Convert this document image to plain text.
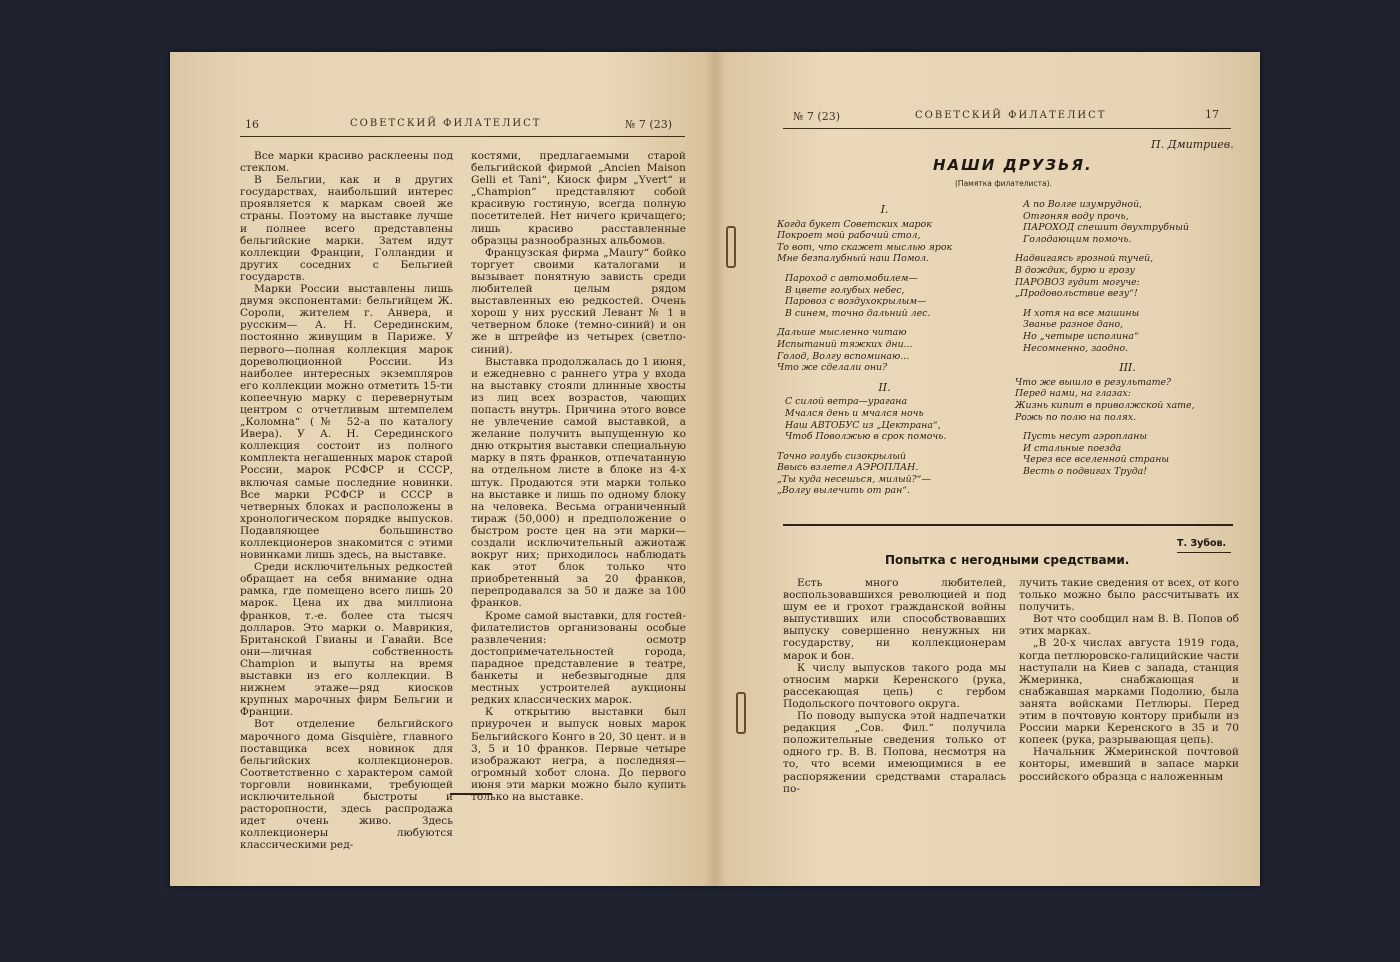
16	СОВЕТСКИЙ ФИЛАТЕЛИСТ	№ 7 (23)

Все марки красиво расклеены под стеклом.

В Бельгии, как и в других государствах, наибольший интерес проявляется к маркам своей же страны. Поэтому на выставке лучше и полнее всего представлены бельгийские марки. Затем идут коллекции Франции, Голландии и других соседних с Бельгией государств.

Марки России выставлены лишь двумя экспонентами: бельгийцем Ж. Сороли, жителем г. Анвера, и русским— А. Н. Серединским, постоянно живущим в Париже. У первого—полная коллекция марок дореволюционной России. Из наиболее интересных экземпляров его коллекции можно отметить 15-ти копеечную марку с перевернутым центром с отчетливым штемпелем „Коломна“ (№ 52-а по каталогу Ивера). У А. Н. Серединского коллекция состоит из полного комплекта негашенных марок старой России, марок РСФСР и СССР, включая самые последние новинки. Все марки РСФСР и СССР в четверных блоках и расположены в хронологическом порядке выпусков. Подавляющее большинство коллекционеров знакомится с этими новинками лишь здесь, на выставке.

Среди исключительных редкостей обращает на себя внимание одна рамка, где помещено всего лишь 20 марок. Цена их два миллиона франков, т.-е. более ста тысяч долларов. Это марки о. Маврикия, Британской Гвианы и Гавайи. Все они—личная собственность Champion и выпуты на время выставки из его коллекции. В нижнем этаже—ряд киосков крупных марочных фирм Бельгии и Франции.

Вот отделение бельгийского марочного дома Gisquière, главного поставщика всех новинок для бельгийских коллекционеров. Соответственно с характером самой торговли новинками, требующей исключительной быстроты и расторопности, здесь распродажа идет очень живо. Здесь коллекционеры любуются классическими ред-

костями, предлагаемыми старой бельгийской фирмой „Ancien Maison Gelli et Tani“, Киоск фирм „Yvert“ и „Champion“ представляют собой красивую гостиную, всегда полную посетителей. Нет ничего кричащего; лишь красиво расставленные образцы разнообразных альбомов.

Французская фирма „Maury“ бойко торгует своими каталогами и вызывает понятную зависть среди любителей целым рядом выставленных ею редкостей. Очень хорош у них русский Левант № 1 в четверном блоке (темно-синий) и он же в штрейфе из четырех (светло-синий).

Выставка продолжалась до 1 июня, и ежедневно с раннего утра у входа на выставку стояли длинные хвосты из лиц всех возрастов, чающих попасть внутрь. Причина этого вовсе не увлечение самой выставкой, а желание получить выпущенную ко дню открытия выставки специальную марку в пять франков, отпечатанную на отдельном листе в блоке из 4-х штук. Продаются эти марки только на выставке и лишь по одному блоку на человека. Весьма ограниченный тираж (50,000) и предположение о быстром росте цен на эти марки—создали исключительный ажиотаж вокруг них; приходилось наблюдать как этот блок только что приобретенный за 20 франков, перепродавался за 50 и даже за 100 франков.

Кроме самой выставки, для гостей-филателистов организованы особые развлечения: осмотр достопримечательностей города, парадное представление в театре, банкеты и небезвыгодные для местных устроителей аукционы редких классических марок.

К открытию выставки был приурочен и выпуск новых марок Бельгийского Конго в 20, 30 цент. и в 3, 5 и 10 франков. Первые четыре изображают негра, а последняя—огромный хобот слона. До первого июня эти марки можно было купить только на выставке.

№ 7 (23)	СОВЕТСКИЙ ФИЛАТЕЛИСТ	17
П. Дмитриев.
НАШИ ДРУЗЬЯ.
(Памятка филателиста).
I.
Когда букет Советских марок
Покроет мой рабочий стол,
То вот, что скажет мыслью ярок
Мне безпалубный наш Помол.
Пароход с автомобилем—
В цвете голубых небес,
Паровоз с воздухокрылым—
В синем, точно дальний лес.
Дальше мысленно читаю
Испытаний тяжких дни...
Голод, Волгу вспоминаю...
Что же сделали они?
II.
С силой ветра—урагана
Мчался день и мчался ночь
Наш АВТОБУС из „Цектрана“,
Чтоб Поволжью в срок помочь.
Точно голубь сизокрылый
Ввысь взлетел АЭРОПЛАН.
„Ты куда несешься, милый?“—
„Волгу вылечить от ран“.
А по Волге изумрудной,
Отгоняя воду прочь,
ПАРОХОД спешит двухтрубный
Голодающим помочь.
Надвигаясь грозной тучей,
В дождик, бурю и грозу
ПАРОВОЗ гудит могуче:
„Продовольствие везу“!
И хотя на все машины
Званье разное дано,
Но „четыре исполина“
Несомненно, заодно.
III.
Что же вышло в результате?
Перед нами, на глазах:
Жизнь кипит в приволжской хате,
Рожь по полю на полях.
Пусть несут аэропланы
И стальные поезда
Через все вселенной страны
Весть о подвигах Труда!
Т. Зубов.
Попытка с негодными средствами.

Есть много любителей, воспользовавшихся революцией и под шум ее и грохот гражданской войны выпустивших или способствовавших выпуску совершенно ненужных ни государству, ни коллекционерам марок и бон.

К числу выпусков такого рода мы относим марки Керенского (рука, рассекающая цепь) с гербом Подольского почтового округа.

По поводу выпуска этой надпечатки редакция „Сов. Фил.“ получила положительные сведения только от одного гр. В. В. Попова, несмотря на то, что всеми имеющимися в ее распоряжении средствами старалась по-

лучить такие сведения от всех, от кого только можно было рассчитывать их получить.

Вот что сообщил нам В. В. Попов об этих марках.

„В 20-х числах августа 1919 года, когда петлюровско-галицийские части наступали на Киев с запада, станция Жмеринка, снабжающая и снабжавшая марками Подолию, была занята войсками Петлюры. Перед этим в почтовую контору прибыли из России марки Керенского в 35 и 70 копеек (рука, разрывающая цепь).

Начальник Жмеринской почтовой конторы, имевший в запасе марки российского образца с наложенным
